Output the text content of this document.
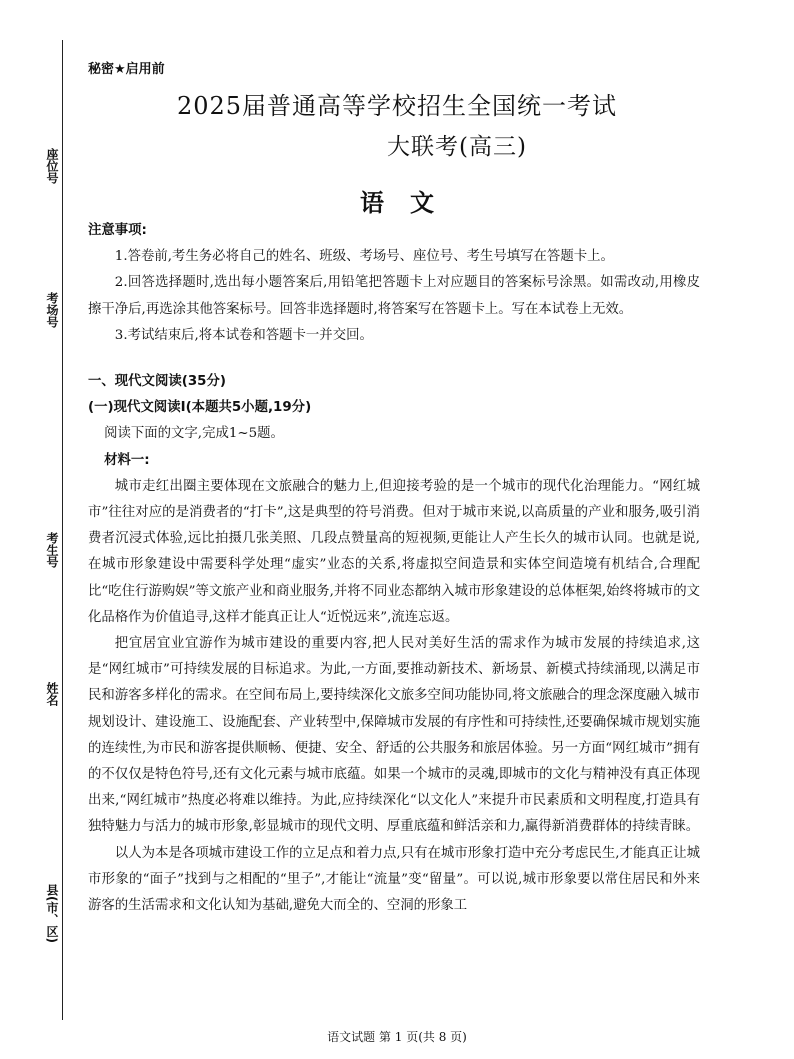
座位号
考场号
考生号
姓名
县(市、区)
秘密★启用前
2025届普通高等学校招生全国统一考试
大联考(高三)
语文

注意事项:

1.答卷前,考生务必将自己的姓名、班级、考场号、座位号、考生号填写在答题卡上。

2.回答选择题时,选出每小题答案后,用铅笔把答题卡上对应题目的答案标号涂黑。如需改动,用橡皮擦干净后,再选涂其他答案标号。回答非选择题时,将答案写在答题卡上。写在本试卷上无效。

3.考试结束后,将本试卷和答题卡一并交回。

一、现代文阅读(35分)

(一)现代文阅读Ⅰ(本题共5小题,19分)

阅读下面的文字,完成1~5题。

材料一:

城市走红出圈主要体现在文旅融合的魅力上,但迎接考验的是一个城市的现代化治理能力。“网红城市”往往对应的是消费者的“打卡”,这是典型的符号消费。但对于城市来说,以高质量的产业和服务,吸引消费者沉浸式体验,远比拍摄几张美照、几段点赞量高的短视频,更能让人产生长久的城市认同。也就是说,在城市形象建设中需要科学处理“虚实”业态的关系,将虚拟空间造景和实体空间造境有机结合,合理配比“吃住行游购娱”等文旅产业和商业服务,并将不同业态都纳入城市形象建设的总体框架,始终将城市的文化品格作为价值追寻,这样才能真正让人“近悦远来”,流连忘返。

把宜居宜业宜游作为城市建设的重要内容,把人民对美好生活的需求作为城市发展的持续追求,这是“网红城市”可持续发展的目标追求。为此,一方面,要推动新技术、新场景、新模式持续涌现,以满足市民和游客多样化的需求。在空间布局上,要持续深化文旅多空间功能协同,将文旅融合的理念深度融入城市规划设计、建设施工、设施配套、产业转型中,保障城市发展的有序性和可持续性,还要确保城市规划实施的连续性,为市民和游客提供顺畅、便捷、安全、舒适的公共服务和旅居体验。另一方面“网红城市”拥有的不仅仅是特色符号,还有文化元素与城市底蕴。如果一个城市的灵魂,即城市的文化与精神没有真正体现出来,“网红城市”热度必将难以维持。为此,应持续深化“以文化人”来提升市民素质和文明程度,打造具有独特魅力与活力的城市形象,彰显城市的现代文明、厚重底蕴和鲜活亲和力,赢得新消费群体的持续青睐。

以人为本是各项城市建设工作的立足点和着力点,只有在城市形象打造中充分考虑民生,才能真正让城市形象的“面子”找到与之相配的“里子”,才能让“流量”变“留量”。可以说,城市形象要以常住居民和外来游客的生活需求和文化认知为基础,避免大而全的、空洞的形象工

语文试题 第 1 页(共 8 页)
